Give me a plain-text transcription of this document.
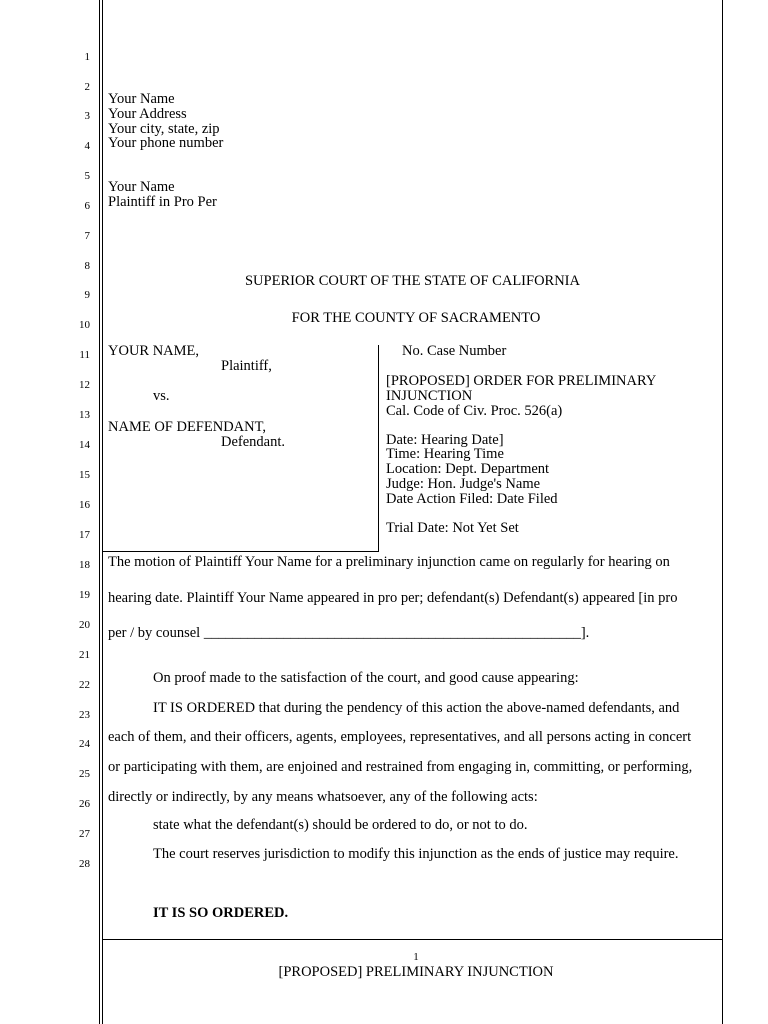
1
2
3
4
5
6
7
8
9
10
11
12
13
14
15
16
17
18
19
20
21
22
23
24
25
26
27
28
Your Name
Your Address
Your city, state, zip
Your phone number
Your Name
Plaintiff in Pro Per
SUPERIOR COURT OF THE STATE OF CALIFORNIA
FOR THE COUNTY OF SACRAMENTO
YOUR NAME,
Plaintiff,
vs.
NAME OF DEFENDANT,
Defendant.
No. Case Number
[PROPOSED] ORDER FOR PRELIMINARY
INJUNCTION
Cal. Code of Civ. Proc. 526(a)
Date: Hearing Date]
Time: Hearing Time
Location: Dept. Department
Judge: Hon. Judge's Name
Date Action Filed: Date Filed
Trial Date: Not Yet Set
The motion of Plaintiff Your Name for a preliminary injunction came on regularly for hearing on
hearing date. Plaintiff Your Name appeared in pro per; defendant(s) Defendant(s) appeared [in pro
per / by counsel ____________________________________________________].
On proof made to the satisfaction of the court, and good cause appearing:
IT IS ORDERED that during the pendency of this action the above-named defendants, and
each of them, and their officers, agents, employees, representatives, and all persons acting in concert
or participating with them, are enjoined and restrained from engaging in, committing, or performing,
directly or indirectly, by any means whatsoever, any of the following acts:
state what the defendant(s) should be ordered to do, or not to do.
The court reserves jurisdiction to modify this injunction as the ends of justice may require.
IT IS SO ORDERED.
1
[PROPOSED] PRELIMINARY INJUNCTION
